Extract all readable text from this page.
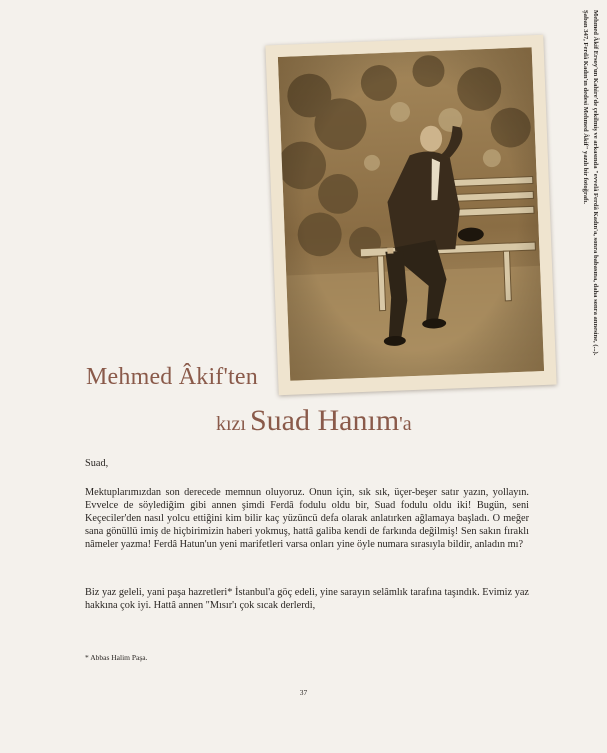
Mehmed Âkif Ersoy'un Kahire'de çekilmiş ve arkasında "evvelâ Ferdâ Kadın'a, sonra babasına, daha sonra annesine, (...). Şaban 347, Ferdâ Kadın'ın dedesi Mehmed Âkif" yazılı bir fotoğrafı.
Mehmed Âkif'ten
kızı Suad Hanım'a
Suad,
Mektuplarımızdan son derecede memnun oluyoruz. Onun için, sık sık, üçer-beşer satır yazın, yollayın. Evvelce de söylediğim gibi annen şimdi Ferdâ fodulu oldu bir, Suad fodulu oldu iki! Bugün, seni Keçeciler'den nasıl yolcu ettiğini kim bilir kaç yüzüncü defa olarak anlatırken ağlamaya başladı. O meğer sana gönüllü imiş de hiçbirimizin haberi yokmuş, hattâ galiba kendi de farkında değilmiş! Sen sakın fıraklı nâmeler yazma! Ferdâ Hatun'un yeni marifetleri varsa onları yine öyle numara sırasıyla bildir, anladın mı?
Biz yaz geleli, yani paşa hazretleri* İstanbul'a göç edeli, yine sarayın selâmlık tarafına taşındık. Evimiz yaz hakkına çok iyi. Hattâ annen "Mısır'ı çok sıcak derlerdi,
* Abbas Halim Paşa.
37
